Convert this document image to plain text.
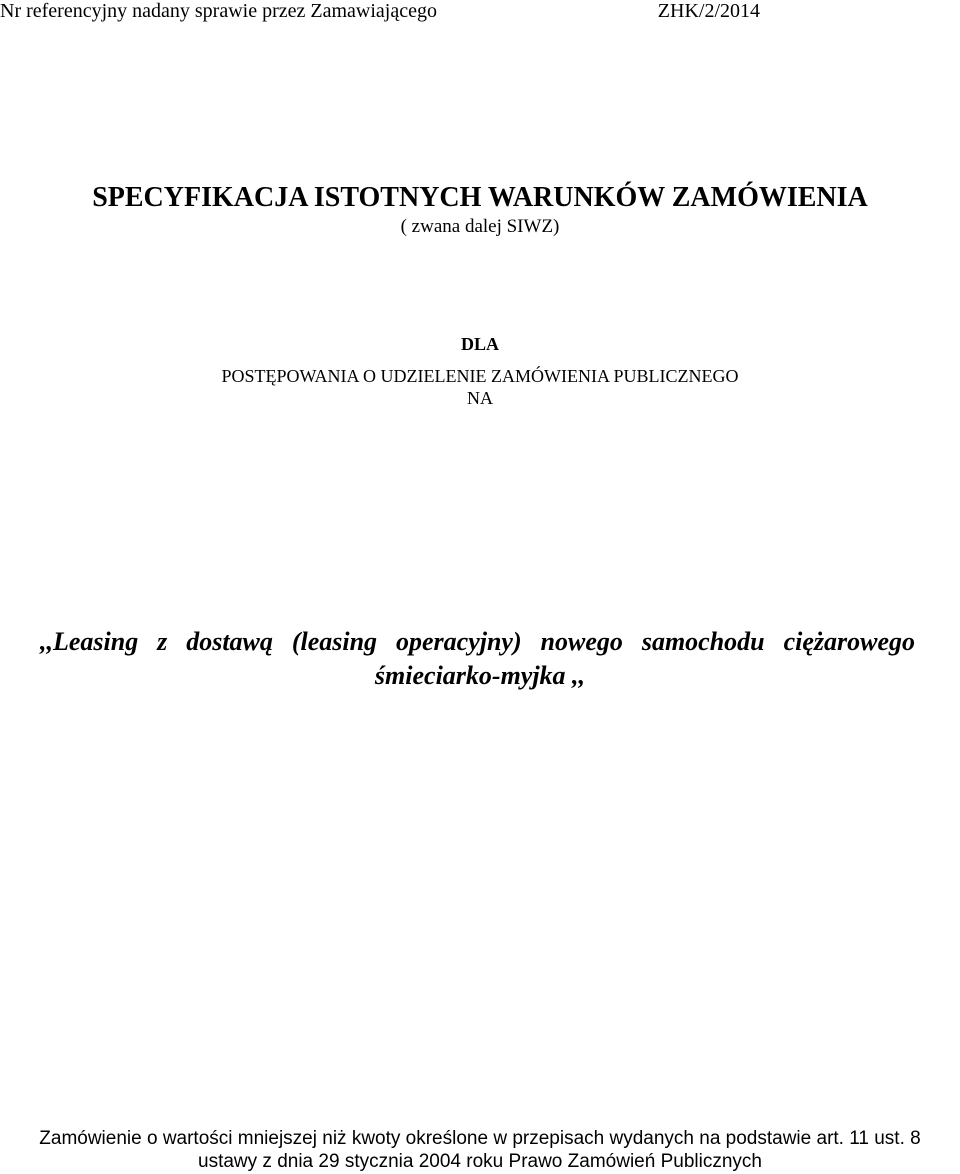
Nr referencyjny nadany sprawie przez Zamawiającego	ZHK/2/2014
SPECYFIKACJA ISTOTNYCH WARUNKÓW ZAMÓWIENIA
( zwana dalej SIWZ)
DLA
POSTĘPOWANIA O UDZIELENIE ZAMÓWIENIA PUBLICZNEGO
NA
,,Leasing z dostawą (leasing operacyjny) nowego samochodu ciężarowego
śmieciarko-myjka ,,
Zamówienie o wartości mniejszej niż kwoty określone w przepisach wydanych na podstawie art. 11 ust. 8
ustawy z dnia 29 stycznia 2004 roku Prawo Zamówień Publicznych
